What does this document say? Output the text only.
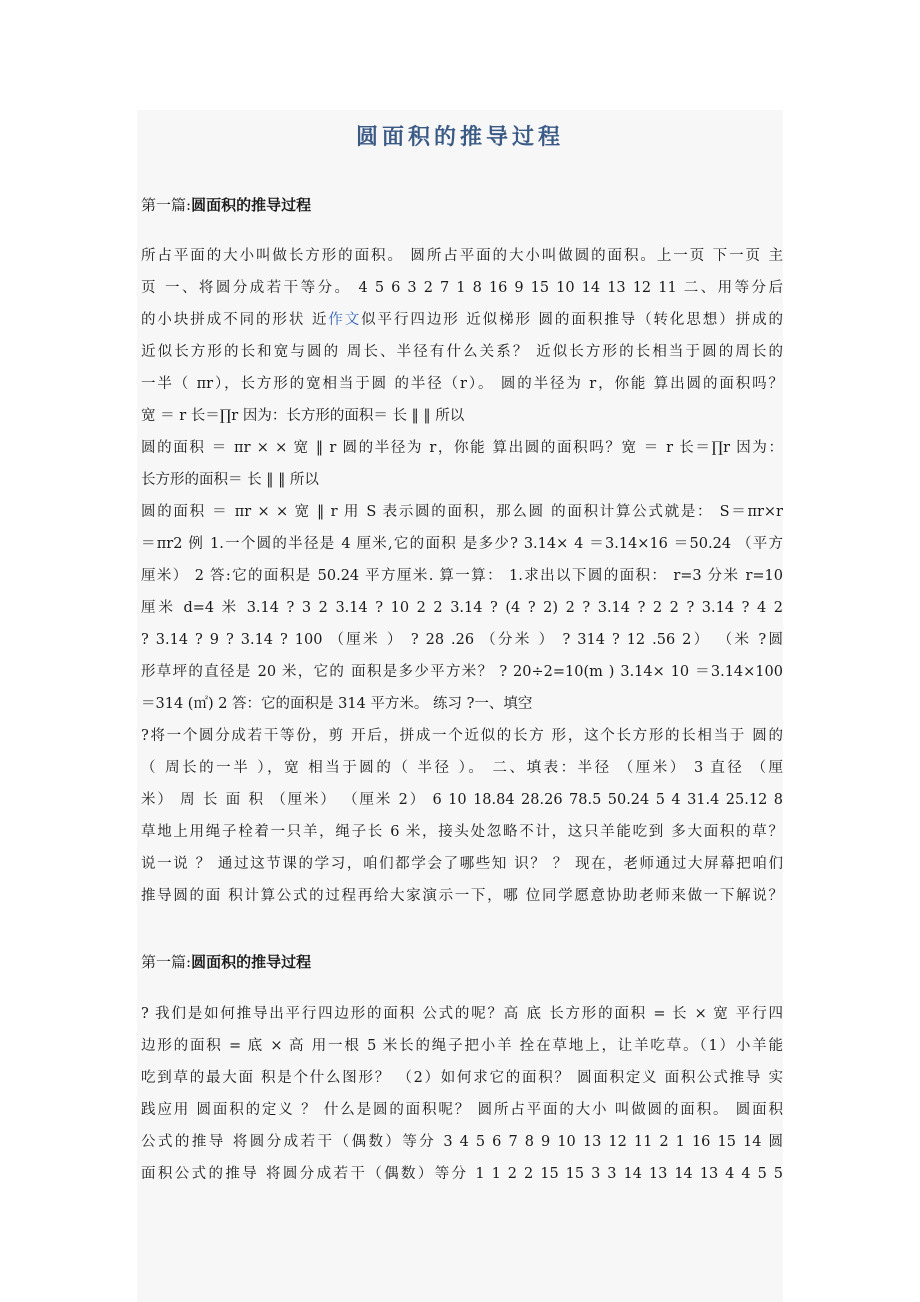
圆面积的推导过程
第一篇:圆面积的推导过程
所占平面的大小叫做长方形的面积。 圆所占平面的大小叫做圆的面积。上一页 下一页 主
页 一、将圆分成若干等分。 4 5 6 3 2 7 1 8 16 9 15 10 14 13 12 11 二、用等分后
的小块拼成不同的形状 近作文似平行四边形 近似梯形 圆的面积推导（转化思想）拼成的
近似长方形的长和宽与圆的 周长、半径有什么关系？ 近似长方形的长相当于圆的周长的
一半（ πr），长方形的宽相当于圆 的半径（r）。 圆的半径为 r，你能 算出圆的面积吗？
宽 ＝ r 长＝∏r 因为：长方形的面积＝ 长 ‖ ‖ 所以
圆的面积 ＝ πr × × 宽 ‖ r 圆的半径为 r，你能 算出圆的面积吗？宽 ＝ r 长＝∏r 因为：
长方形的面积＝ 长 ‖ ‖ 所以
圆的面积 ＝ πr × × 宽 ‖ r 用 S 表示圆的面积，那么圆 的面积计算公式就是： S＝πr×r
＝πr2 例 1.一个圆的半径是 4 厘米,它的面积 是多少? 3.14× 4 ＝3.14×16 ＝50.24 （平方
厘米） 2 答:它的面积是 50.24 平方厘米. 算一算： 1.求出以下圆的面积： r=3 分米 r=10
厘米 d=4 米 3.14 ? 3 2 3.14 ? 10 2 2 3.14 ? (4 ? 2) 2 ? 3.14 ? 2 2 ? 3.14 ? 4 2
? 3.14 ? 9 ? 3.14 ? 100 （厘米 ） ? 28 .26 （分米 ） ? 314 ? 12 .56 2） （米 ?圆
形草坪的直径是 20 米，它的 面积是多少平方米？ ? 20÷2=10(m ) 3.14× 10 ＝3.14×100
＝314 (㎡) 2 答：它的面积是 314 平方米。 练习 ?一、填空
?将一个圆分成若干等份，剪 开后，拼成一个近似的长方 形，这个长方形的长相当于 圆的
（ 周长的一半 ），宽 相当于圆的（ 半径 ）。 二、填表：半径 （厘米） 3 直径 （厘
米） 周 长 面 积 （厘米） （厘米 2） 6 10 18.84 28.26 78.5 50.24 5 4 31.4 25.12 8
草地上用绳子栓着一只羊，绳子长 6 米，接头处忽略不计，这只羊能吃到 多大面积的草？
说一说 ？ 通过这节课的学习，咱们都学会了哪些知 识？ ？ 现在，老师通过大屏幕把咱们
推导圆的面 积计算公式的过程再给大家演示一下，哪 位同学愿意协助老师来做一下解说？
第一篇:圆面积的推导过程
? 我们是如何推导出平行四边形的面积 公式的呢？高 底 长方形的面积 = 长 × 宽 平行四
边形的面积 = 底 × 高 用一根 5 米长的绳子把小羊 拴在草地上，让羊吃草。（1）小羊能
吃到草的最大面 积是个什么图形？ （2）如何求它的面积？ 圆面积定义 面积公式推导 实
践应用 圆面积的定义 ？ 什么是圆的面积呢？ 圆所占平面的大小 叫做圆的面积。 圆面积
公式的推导 将圆分成若干（偶数）等分 3 4 5 6 7 8 9 10 13 12 11 2 1 16 15 14 圆
面积公式的推导 将圆分成若干（偶数）等分 1 1 2 2 15 15 3 3 14 13 14 13 4 4 5 5
